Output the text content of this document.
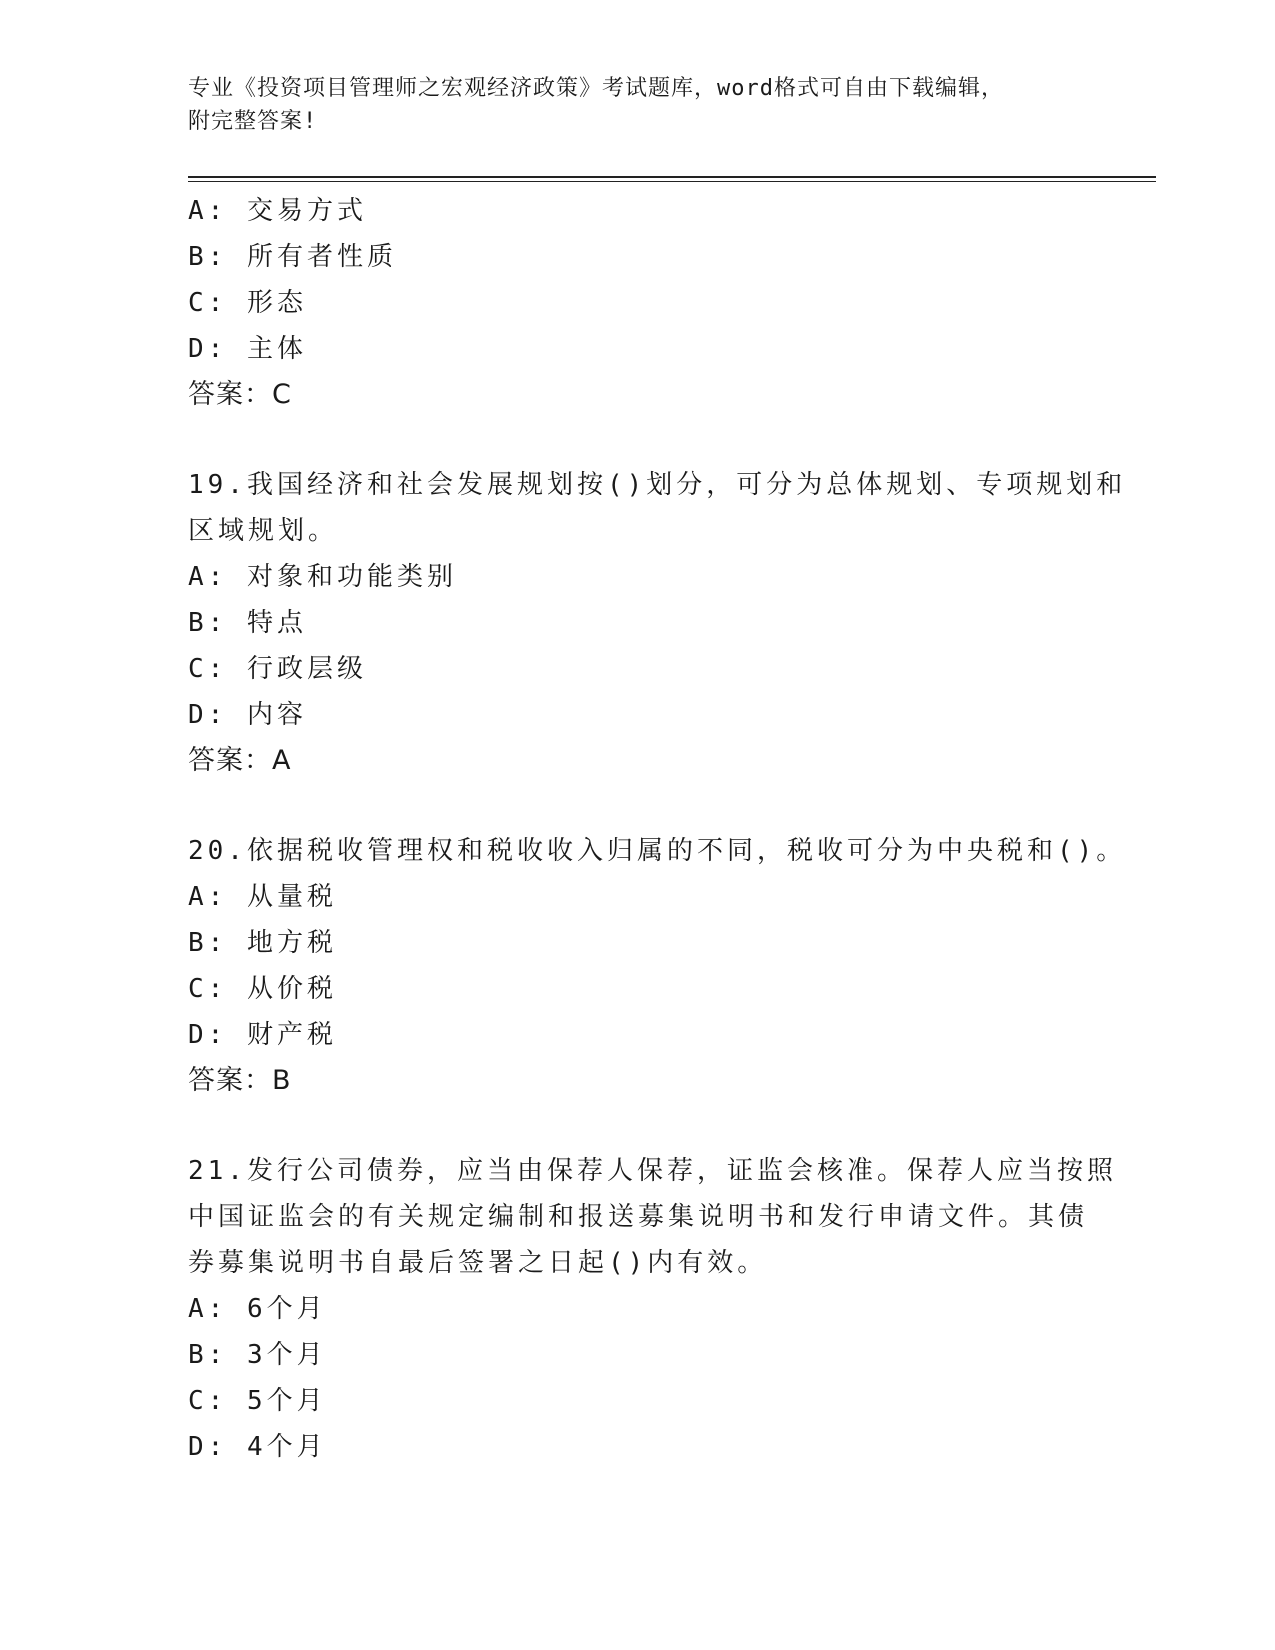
专业《投资项目管理师之宏观经济政策》考试题库，word格式可自由下载编辑，
附完整答案!
A: 交易方式
B: 所有者性质
C: 形态
D: 主体
答案：C
19.我国经济和社会发展规划按()划分，可分为总体规划、专项规划和
区域规划。
A: 对象和功能类别
B: 特点
C: 行政层级
D: 内容
答案：A
20.依据税收管理权和税收收入归属的不同，税收可分为中央税和()。
A: 从量税
B: 地方税
C: 从价税
D: 财产税
答案：B
21.发行公司债券，应当由保荐人保荐，证监会核准。保荐人应当按照
中国证监会的有关规定编制和报送募集说明书和发行申请文件。其债
券募集说明书自最后签署之日起()内有效。
A: 6个月
B: 3个月
C: 5个月
D: 4个月
